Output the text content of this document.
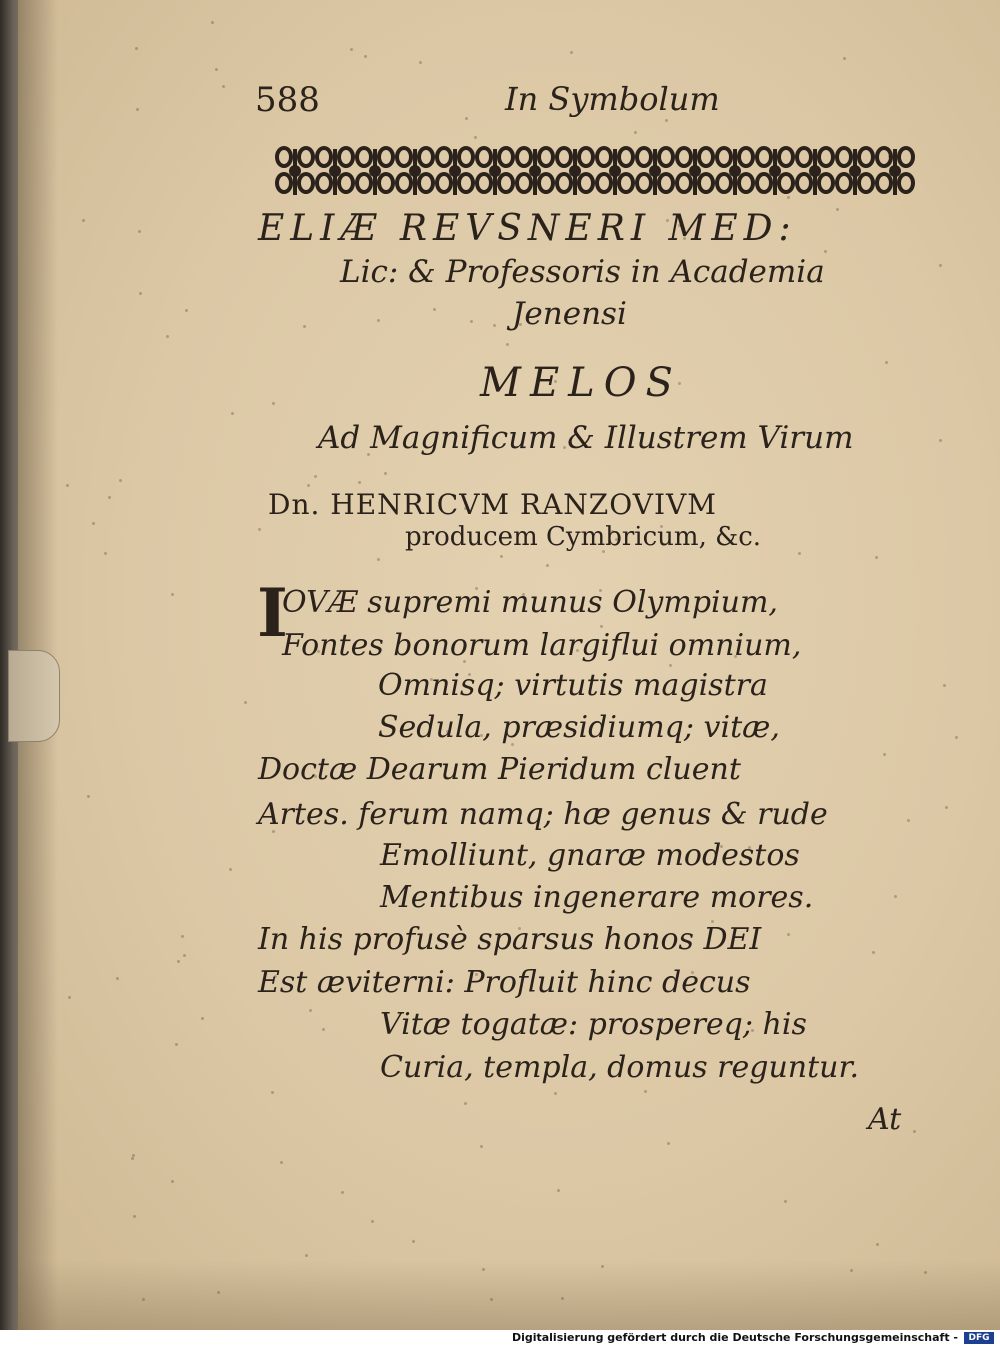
588	In Symbolum
ELIÆ REVSNERI MED:
Lic: & Professoris in Academia
Jenensi
MELOS
Ad Magnificum & Illustrem Virum
Dn. HENRICVM RANZOVIVM
producem Cymbricum, &c.
I
OVÆ supremi munus Olympium,
Fontes bonorum largiflui omnium,
Omnisq; virtutis magistra
Sedula, præsidiumq; vitæ,
Doctæ Dearum Pieridum cluent
Artes. ferum namq; hæ genus & rude
Emolliunt, gnaræ modestos
Mentibus ingenerare mores.
In his profusè sparsus honos DEI
Est æviterni: Profluit hinc decus
Vitæ togatæ: prospereq; his
Curia, templa, domus reguntur.
At
Digitalisierung gefördert durch die Deutsche Forschungsgemeinschaft -	DFG
